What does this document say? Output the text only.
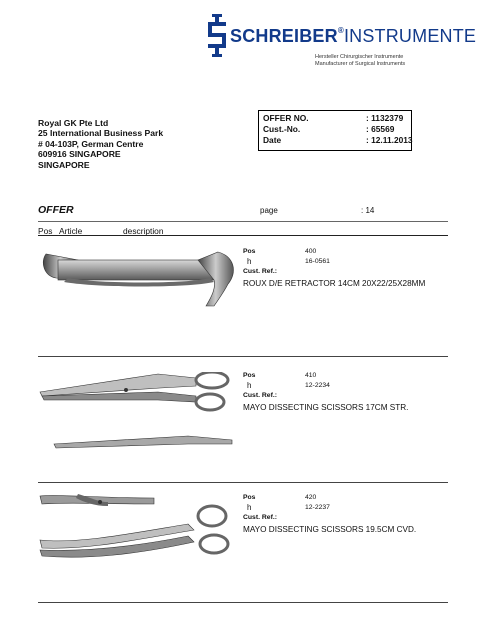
SCHREIBER®INSTRUMENTE
Hersteller Chirurgischer Instrumente
Manufacturer of Surgical Instruments
Royal GK Pte Ltd
25 International Business Park
# 04-103P, German Centre
609916 SINGAPORE
SINGAPORE
OFFER NO.	: 1132379
Cust.-No.	: 65569
Date	: 12.11.2013
OFFER	page	: 14
Pos Article	description
Pos	400
h	16-0561
Cust. Ref.:
ROUX D/E RETRACTOR 14CM 20X22/25X28MM
Pos	410
h	12-2234
Cust. Ref.:
MAYO DISSECTING SCISSORS 17CM STR.
Pos	420
h	12-2237
Cust. Ref.:
MAYO DISSECTING SCISSORS 19.5CM CVD.
